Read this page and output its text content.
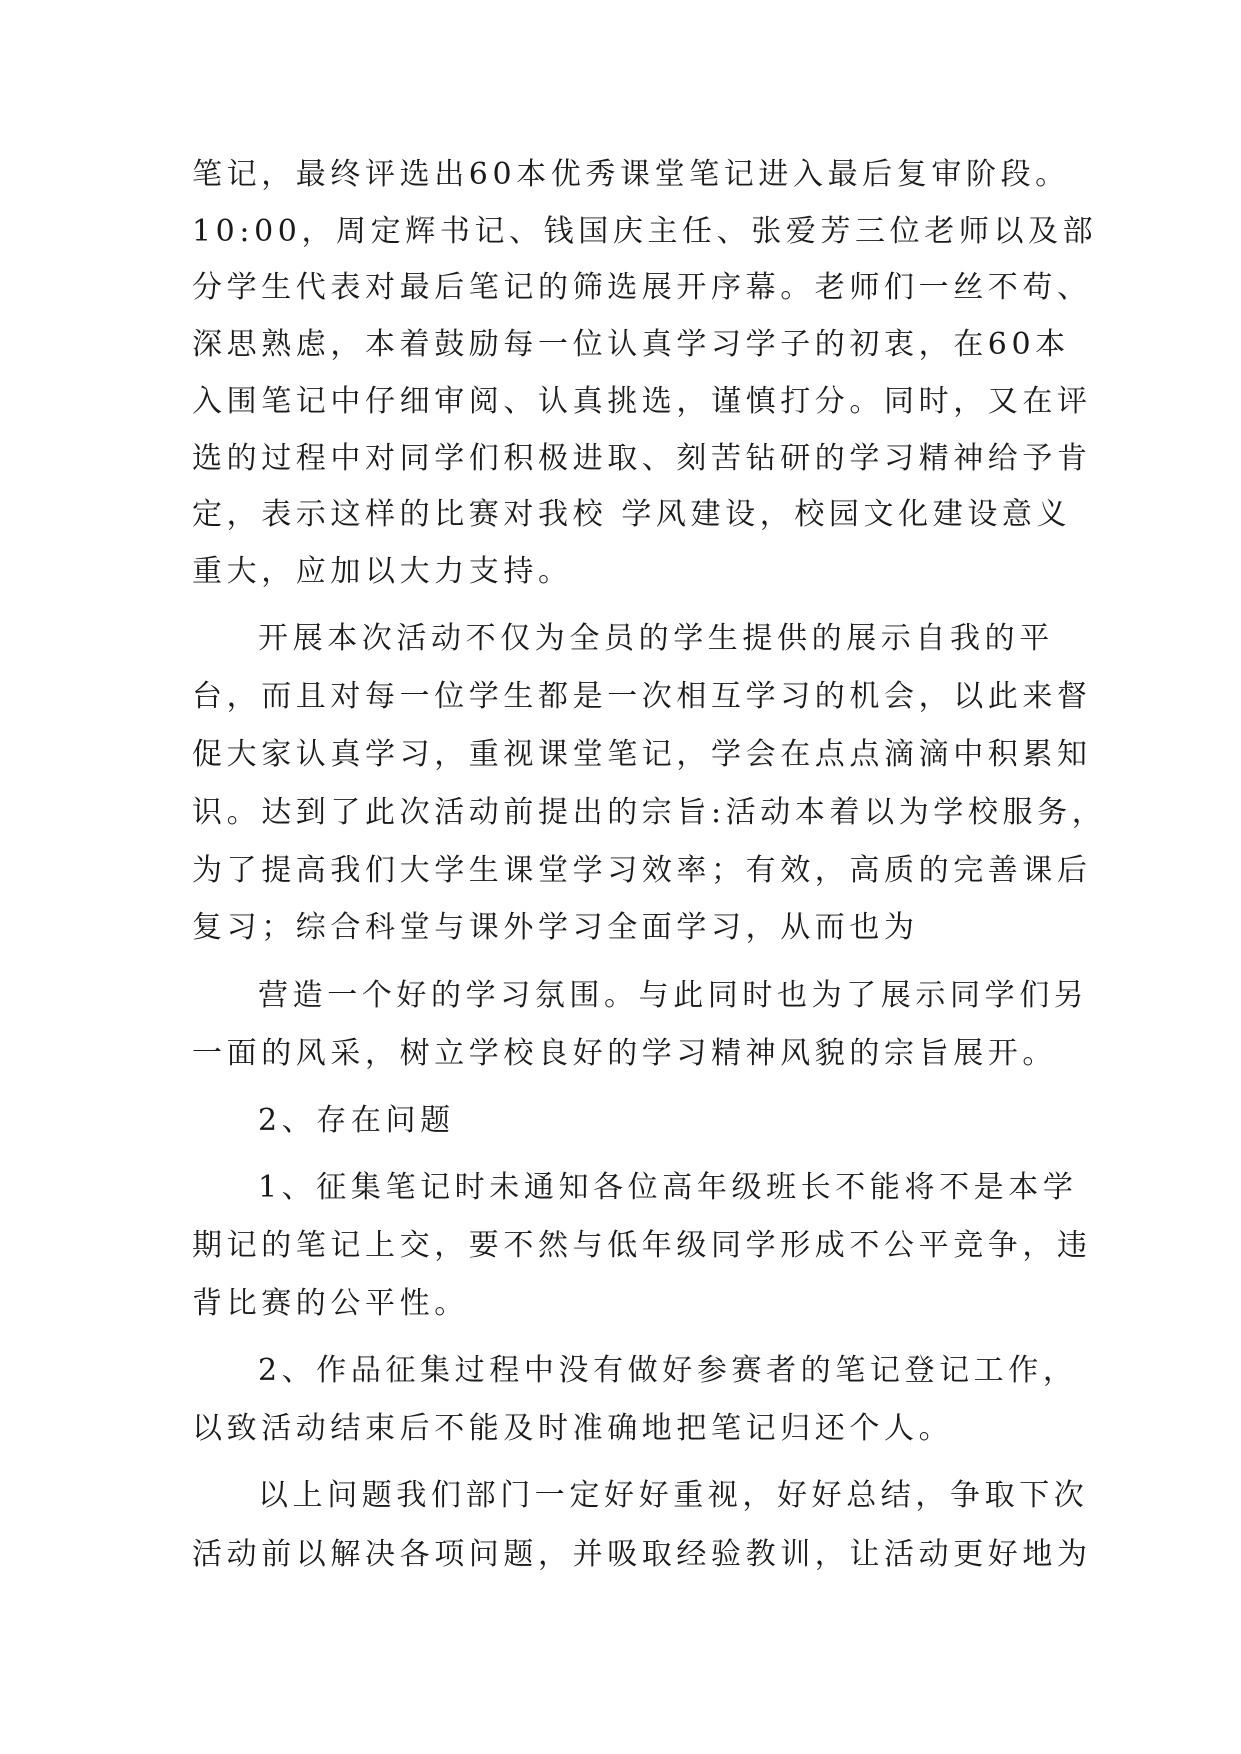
笔记，最终评选出60本优秀课堂笔记进入最后复审阶段。
10:00，周定辉书记、钱国庆主任、张爱芳三位老师以及部
分学生代表对最后笔记的筛选展开序幕。老师们一丝不苟、
深思熟虑，本着鼓励每一位认真学习学子的初衷，在60本
入围笔记中仔细审阅、认真挑选，谨慎打分。同时，又在评
选的过程中对同学们积极进取、刻苦钻研的学习精神给予肯
定，表示这样的比赛对我校 学风建设，校园文化建设意义
重大，应加以大力支持。
开展本次活动不仅为全员的学生提供的展示自我的平
台，而且对每一位学生都是一次相互学习的机会，以此来督
促大家认真学习，重视课堂笔记，学会在点点滴滴中积累知
识。达到了此次活动前提出的宗旨:活动本着以为学校服务，
为了提高我们大学生课堂学习效率；有效，高质的完善课后
复习；综合科堂与课外学习全面学习，从而也为
营造一个好的学习氛围。与此同时也为了展示同学们另
一面的风采，树立学校良好的学习精神风貌的宗旨展开。
2、存在问题
1、征集笔记时未通知各位高年级班长不能将不是本学
期记的笔记上交，要不然与低年级同学形成不公平竞争，违
背比赛的公平性。
2、作品征集过程中没有做好参赛者的笔记登记工作，
以致活动结束后不能及时准确地把笔记归还个人。
以上问题我们部门一定好好重视，好好总结，争取下次
活动前以解决各项问题，并吸取经验教训，让活动更好地为
